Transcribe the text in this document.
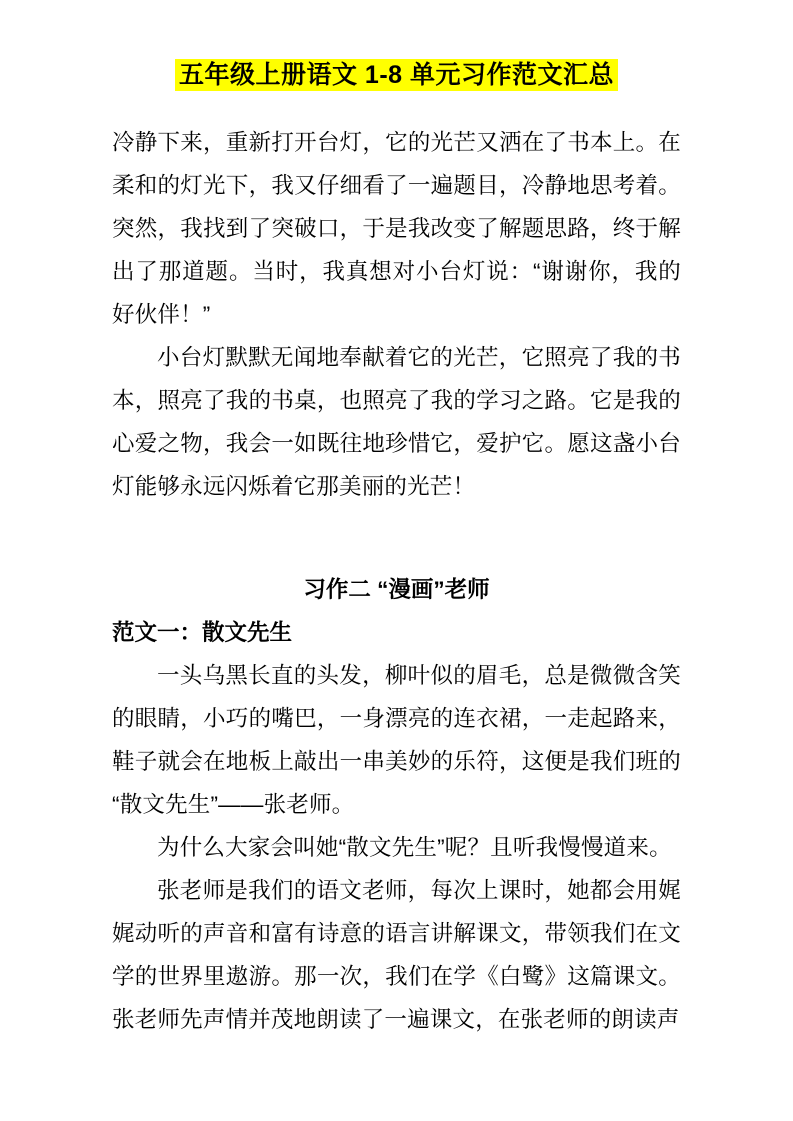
五年级上册语文 1-8 单元习作范文汇总

冷静下来，重新打开台灯，它的光芒又洒在了书本上。在柔和的灯光下，我又仔细看了一遍题目，冷静地思考着。突然，我找到了突破口，于是我改变了解题思路，终于解出了那道题。当时，我真想对小台灯说：“谢谢你，我的好伙伴！”

小台灯默默无闻地奉献着它的光芒，它照亮了我的书本，照亮了我的书桌，也照亮了我的学习之路。它是我的心爱之物，我会一如既往地珍惜它，爱护它。愿这盏小台灯能够永远闪烁着它那美丽的光芒！

习作二 “漫画”老师
范文一：散文先生

一头乌黑长直的头发，柳叶似的眉毛，总是微微含笑的眼睛，小巧的嘴巴，一身漂亮的连衣裙，一走起路来，鞋子就会在地板上敲出一串美妙的乐符，这便是我们班的“散文先生”——张老师。

为什么大家会叫她“散文先生”呢？且听我慢慢道来。

张老师是我们的语文老师，每次上课时，她都会用娓娓动听的声音和富有诗意的语言讲解课文，带领我们在文学的世界里遨游。那一次，我们在学《白鹭》这篇课文。张老师先声情并茂地朗读了一遍课文，在张老师的朗读声
